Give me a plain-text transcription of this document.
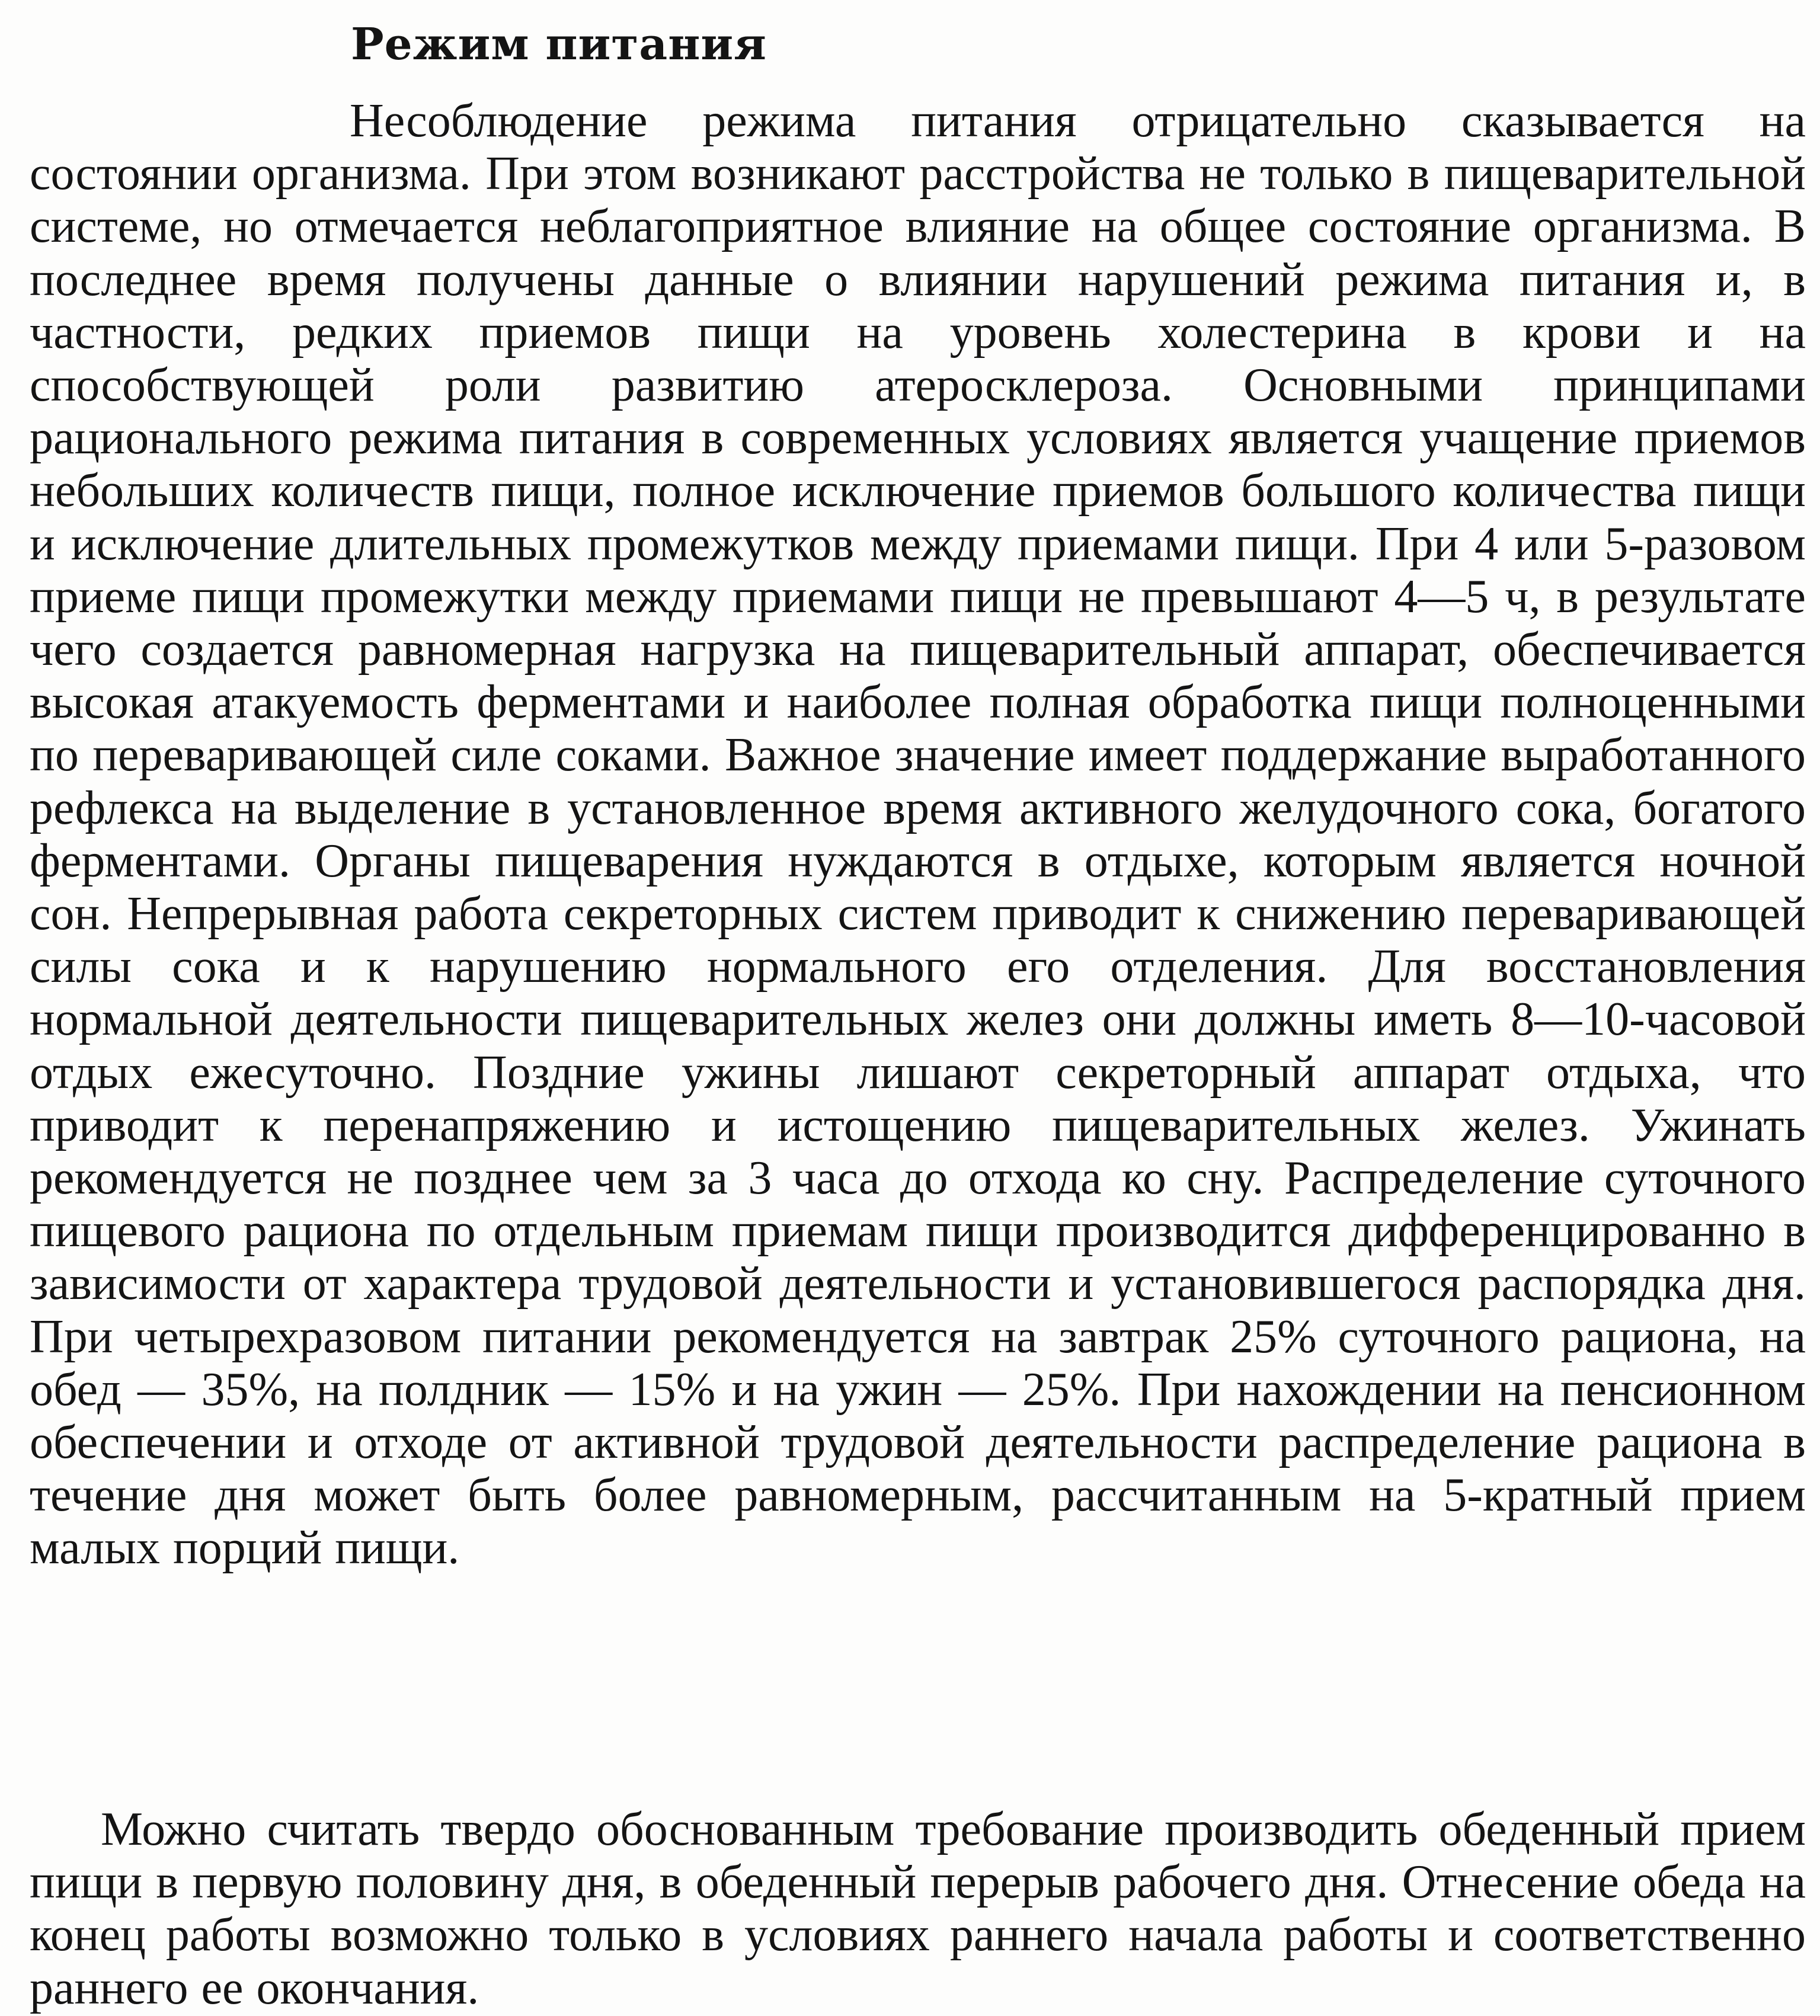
Режим питания
Несоблюдение режима питания отрицательно сказывается на состоянии организма. При этом возникают расстройства не только в пищеварительной системе, но отмечается неблагоприятное влияние на общее состояние организма. В последнее время получены данные о влиянии нарушений режима питания и, в частности, редких приемов пищи на уровень холестерина в крови и на способствующей роли развитию атеросклероза. Основными принципами рационального режима питания в современных условиях является учащение приемов небольших количеств пищи, полное исключение приемов большого количества пищи и исключение длительных промежутков между приемами пищи. При 4 или 5-разовом приеме пищи промежутки между приемами пищи не превышают 4—5 ч, в результате чего создается равномерная нагрузка на пищеварительный аппарат, обеспечивается высокая атакуемость ферментами и наиболее полная обработка пищи полноценными по переваривающей силе соками. Важное значение имеет поддержание выработанного рефлекса на выделение в установленное время активного желудочного сока, богатого ферментами. Органы пищеварения нуждаются в отдыхе, которым является ночной сон. Непрерывная работа секреторных систем приводит к снижению переваривающей силы сока и к нарушению нормального его отделения. Для восстановления нормальной деятельности пищеварительных желез они должны иметь 8—10-часовой отдых ежесуточно. Поздние ужины лишают секреторный аппарат отдыха, что приводит к перенапряжению и истощению пищеварительных желез. Ужинать рекомендуется не позднее чем за 3 часа до отхода ко сну. Распределение суточного пищевого рациона по отдельным приемам пищи производится дифференцированно в зависимости от характера трудовой деятельности и установившегося распорядка дня. При четырехразовом питании рекомендуется на завтрак 25% суточного рациона, на обед — 35%, на полдник — 15% и на ужин — 25%. При нахождении на пенсионном обеспечении и отходе от активной трудовой деятельности распределение рациона в течение дня может быть более равномерным, рассчитанным на 5-кратный прием малых порций пищи.
Можно считать твердо обоснованным требование производить обеденный прием пищи в первую половину дня, в обеденный перерыв рабочего дня. Отнесение обеда на конец работы возможно только в условиях раннего начала работы и соответственно раннего ее окончания.
